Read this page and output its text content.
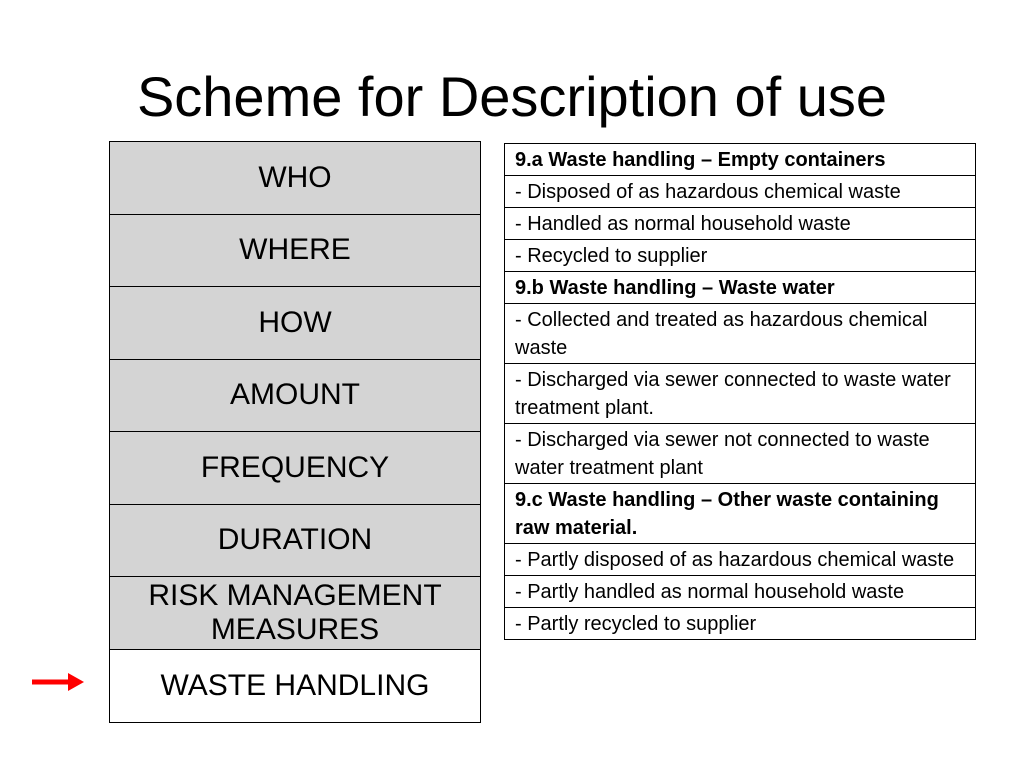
Scheme for Description of use
WHO
WHERE
HOW
AMOUNT
FREQUENCY
DURATION
RISK MANAGEMENT MEASURES
WASTE HANDLING
9.a Waste handling – Empty containers
- Disposed of as hazardous chemical waste
- Handled as normal household waste
- Recycled to supplier
9.b Waste handling – Waste water
- Collected and treated as hazardous chemical waste
- Discharged via sewer connected to waste water treatment plant.
- Discharged via sewer not connected to waste water treatment plant
9.c Waste handling – Other waste containing raw material.
- Partly disposed of as hazardous chemical waste
- Partly handled as normal household waste
- Partly recycled to supplier
